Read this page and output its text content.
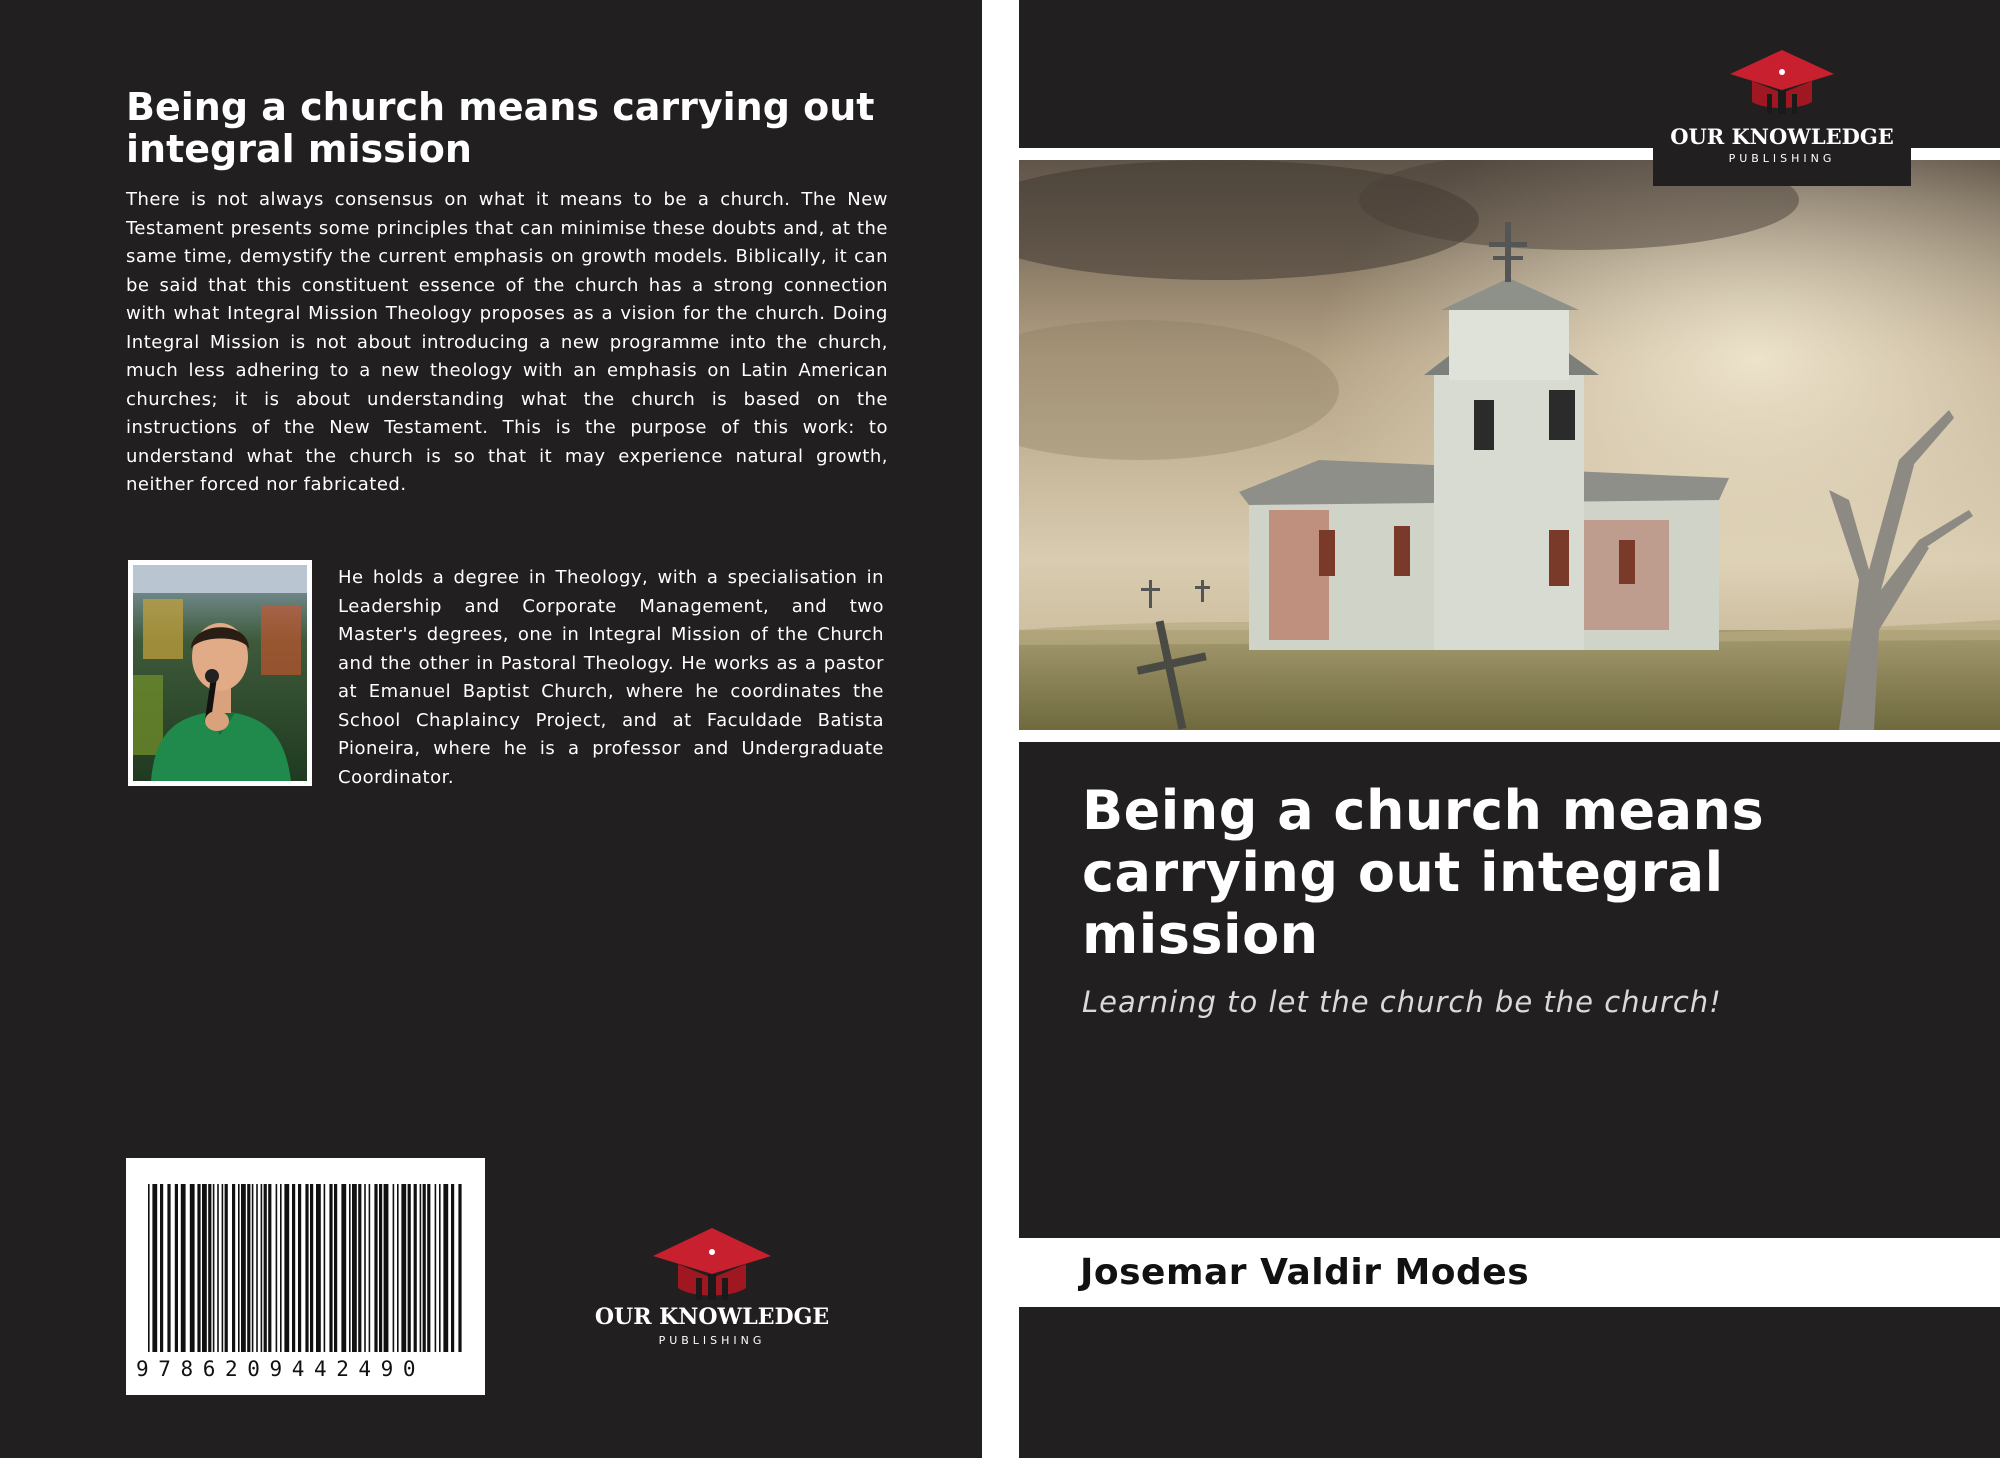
Being a church means carrying out integral mission

There is not always consensus on what it means to be a church. The New Testament presents some principles that can minimise these doubts and, at the same time, demystify the current emphasis on growth models. Biblically, it can be said that this constituent essence of the church has a strong connection with what Integral Mission Theology proposes as a vision for the church. Doing Integral Mission is not about introducing a new programme into the church, much less adhering to a new theology with an emphasis on Latin American churches; it is about understanding what the church is based on the instructions of the New Testament. This is the purpose of this work: to understand what the church is so that it may experience natural growth, neither forced nor fabricated.

He holds a degree in Theology, with a specialisation in Leadership and Corporate Management, and two Master's degrees, one in Integral Mission of the Church and the other in Pastoral Theology. He works as a pastor at Emanuel Baptist Church, where he coordinates the School Chaplaincy Project, and at Faculdade Batista Pioneira, where he is a professor and Undergraduate Coordinator.

9786209442490
OUR KNOWLEDGE
PUBLISHING
OUR KNOWLEDGE
PUBLISHING
Being a church means carrying out integral mission

Learning to let the church be the church!

Josemar Valdir Modes
